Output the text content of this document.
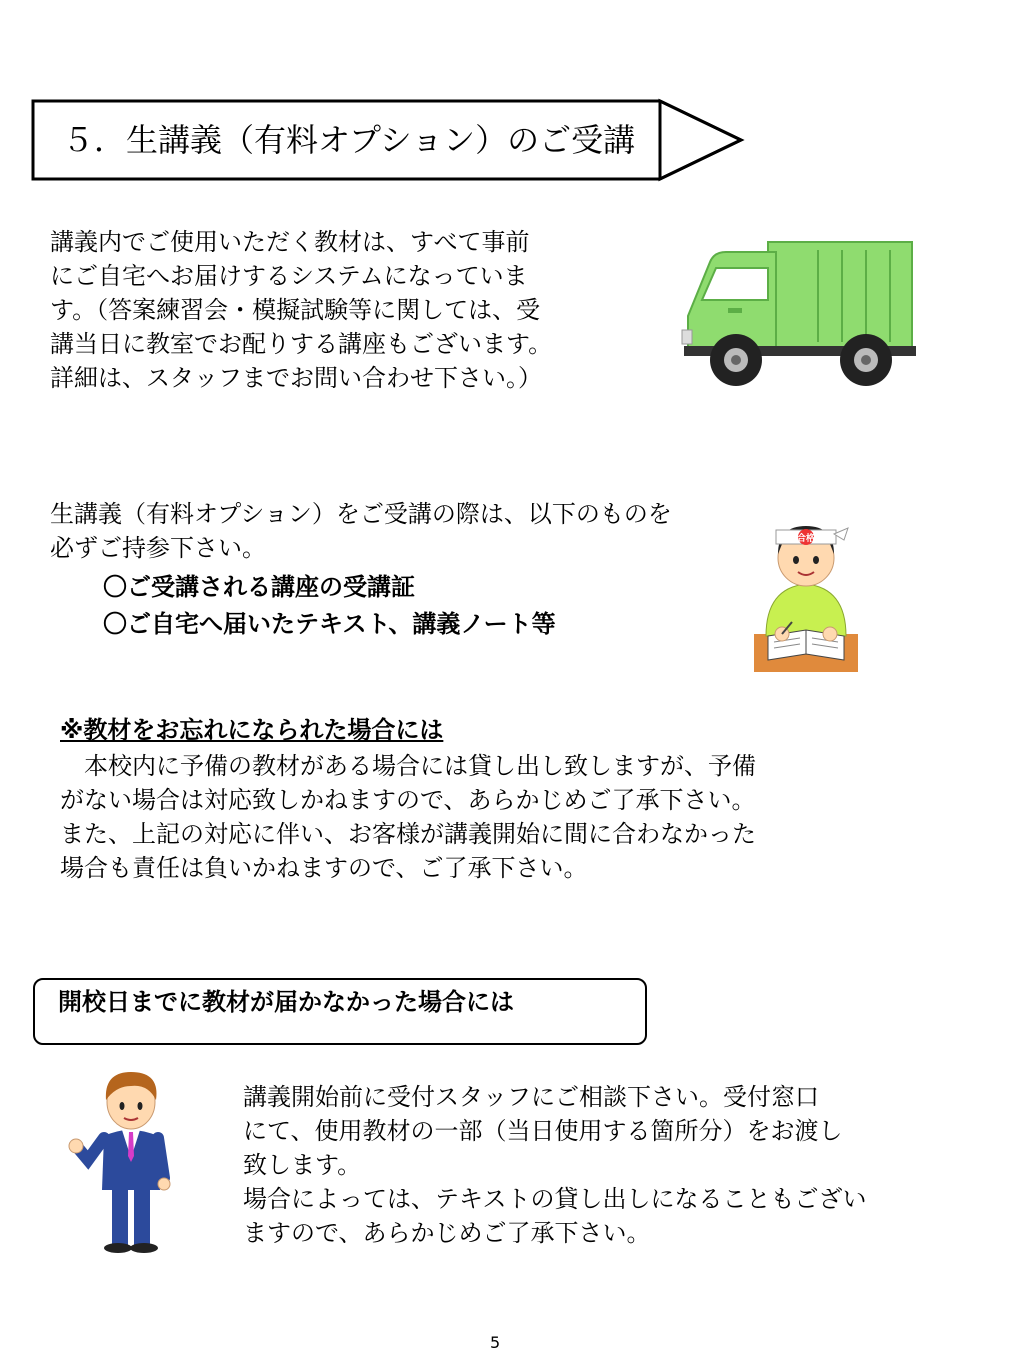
５．生講義（有料オプション）のご受講
講義内でご使用いただく教材は、すべて事前
にご自宅へお届けするシステムになっていま
す。（答案練習会・模擬試験等に関しては、受
講当日に教室でお配りする講座もございます。
詳細は、スタッフまでお問い合わせ下さい。）
生講義（有料オプション）をご受講の際は、以下のものを
必ずご持参下さい。
〇ご受講される講座の受講証
〇ご自宅へ届いたテキスト、講義ノート等
合格
※教材をお忘れになられた場合には
　本校内に予備の教材がある場合には貸し出し致しますが、予備
がない場合は対応致しかねますので、あらかじめご了承下さい。
また、上記の対応に伴い、お客様が講義開始に間に合わなかった
場合も責任は負いかねますので、ご了承下さい。
開校日までに教材が届かなかった場合には
講義開始前に受付スタッフにご相談下さい。受付窓口
にて、使用教材の一部（当日使用する箇所分）をお渡し
致します。
場合によっては、テキストの貸し出しになることもござい
ますので、あらかじめご了承下さい。
5
